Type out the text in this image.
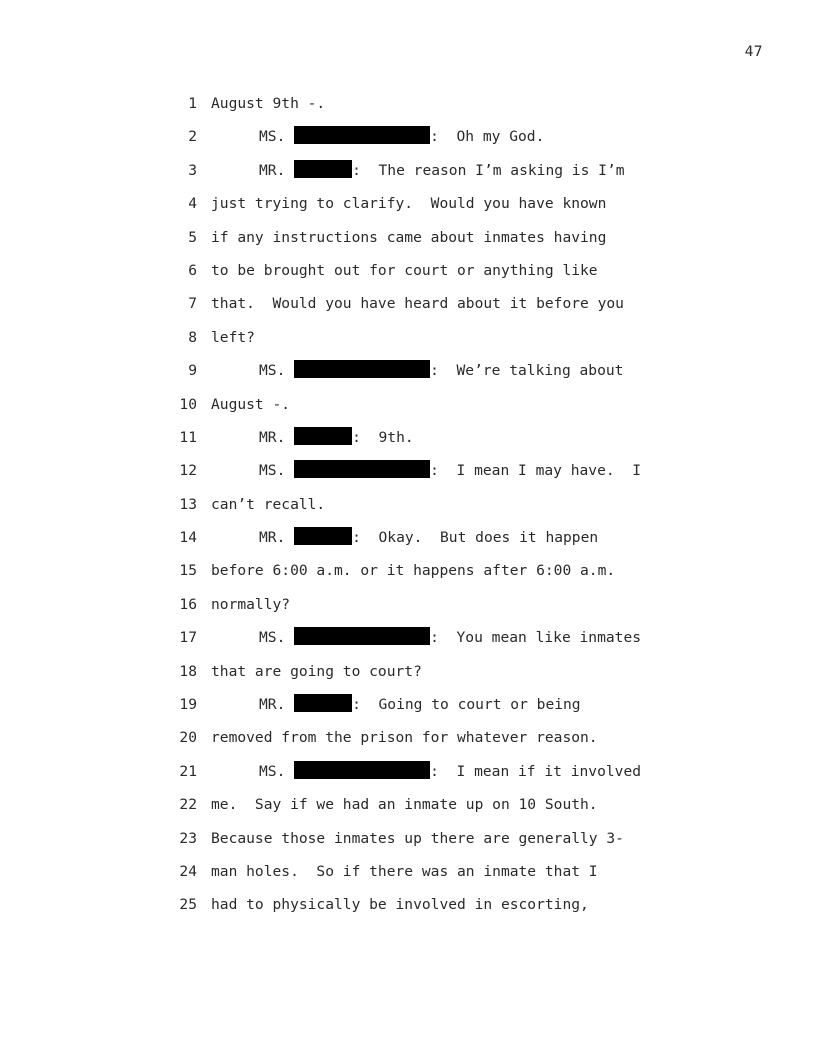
47
1 August 9th -.
2	MS.	:  Oh my God.
3	MR.	:  The reason I’m asking is I’m
4 just trying to clarify.  Would you have known
5 if any instructions came about inmates having
6 to be brought out for court or anything like
7 that.  Would you have heard about it before you
8 left?
9	MS.	:  We’re talking about
10 August -.
11	MR.	:  9th.
12	MS.	:  I mean I may have.  I
13 can’t recall.
14	MR.	:  Okay.  But does it happen
15 before 6:00 a.m. or it happens after 6:00 a.m.
16 normally?
17	MS.	:  You mean like inmates
18 that are going to court?
19	MR.	:  Going to court or being
20 removed from the prison for whatever reason.
21	MS.	:  I mean if it involved
22 me.  Say if we had an inmate up on 10 South.
23 Because those inmates up there are generally 3-
24 man holes.  So if there was an inmate that I
25 had to physically be involved in escorting,
